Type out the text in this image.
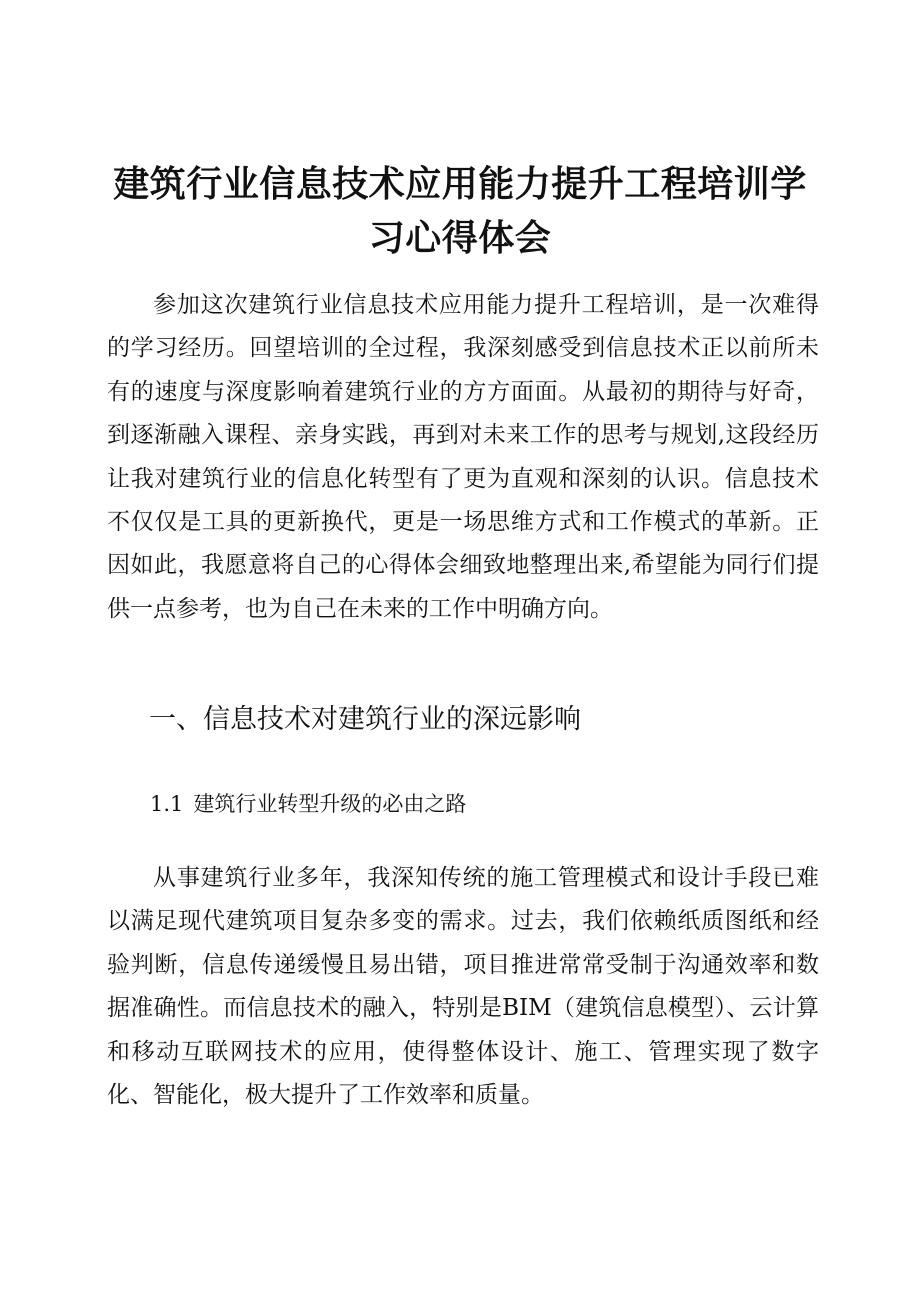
建筑行业信息技术应用能力提升工程培训学习心得体会

参加这次建筑行业信息技术应用能力提升工程培训，是一次难得的学习经历。回望培训的全过程，我深刻感受到信息技术正以前所未有的速度与深度影响着建筑行业的方方面面。从最初的期待与好奇，到逐渐融入课程、亲身实践，再到对未来工作的思考与规划,这段经历让我对建筑行业的信息化转型有了更为直观和深刻的认识。信息技术不仅仅是工具的更新换代，更是一场思维方式和工作模式的革新。正因如此，我愿意将自己的心得体会细致地整理出来,希望能为同行们提供一点参考，也为自己在未来的工作中明确方向。

一、信息技术对建筑行业的深远影响
1.1 建筑行业转型升级的必由之路

从事建筑行业多年，我深知传统的施工管理模式和设计手段已难以满足现代建筑项目复杂多变的需求。过去，我们依赖纸质图纸和经验判断，信息传递缓慢且易出错，项目推进常常受制于沟通效率和数据准确性。而信息技术的融入，特别是BIM（建筑信息模型）、云计算和移动互联网技术的应用，使得整体设计、施工、管理实现了数字化、智能化，极大提升了工作效率和质量。
